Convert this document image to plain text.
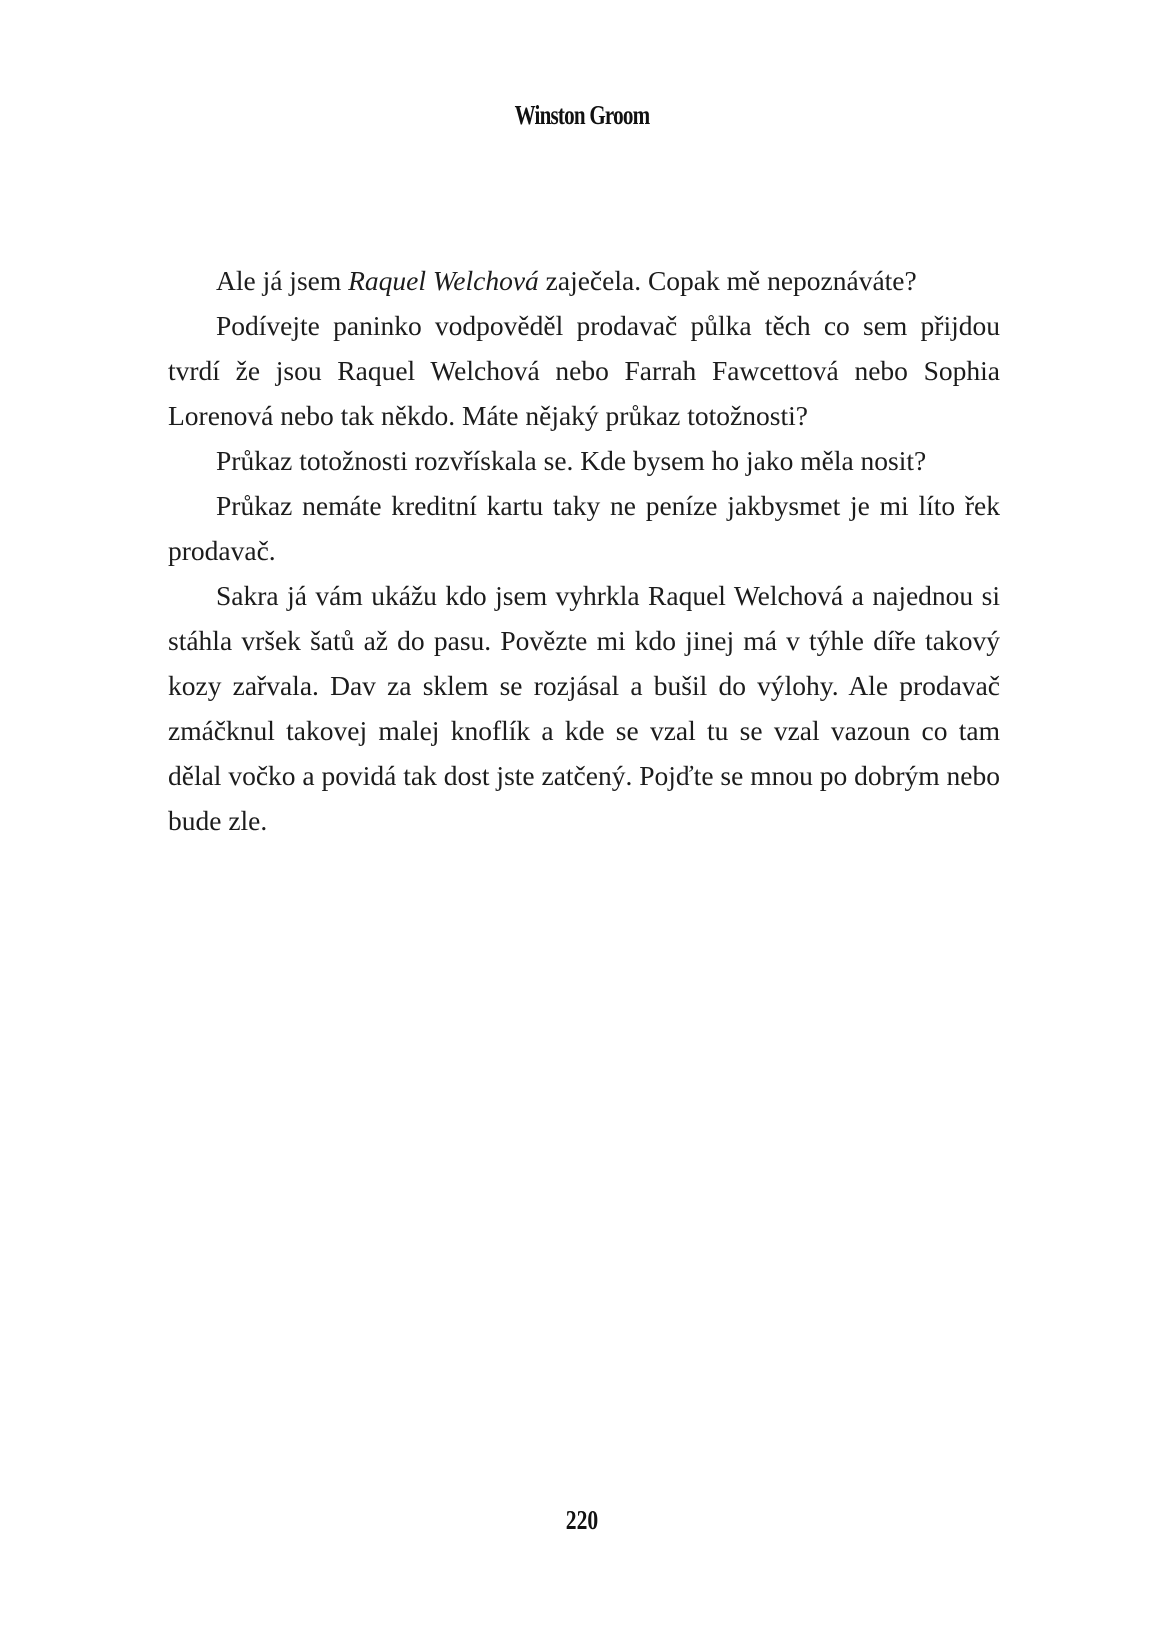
Winston Groom

Ale já jsem Raquel Welchová zaječela. Copak mě nepoznáváte?

Podívejte paninko vodpověděl prodavač půlka těch co sem přijdou tvrdí že jsou Raquel Welchová nebo Farrah Fawcettová nebo Sophia Lorenová nebo tak někdo. Máte nějaký průkaz totožnosti?

Průkaz totožnosti rozvřískala se. Kde bysem ho jako měla nosit?

Průkaz nemáte kreditní kartu taky ne peníze jakbysmet je mi líto řek prodavač.

Sakra já vám ukážu kdo jsem vyhrkla Raquel Welchová a najednou si stáhla vršek šatů až do pasu. Povězte mi kdo jinej má v týhle díře takový kozy zařvala. Dav za sklem se rozjásal a bušil do výlohy. Ale prodavač zmáčknul takovej malej knoflík a kde se vzal tu se vzal vazoun co tam dělal vočko a povidá tak dost jste zatčený. Pojďte se mnou po dobrým nebo bude zle.

220
